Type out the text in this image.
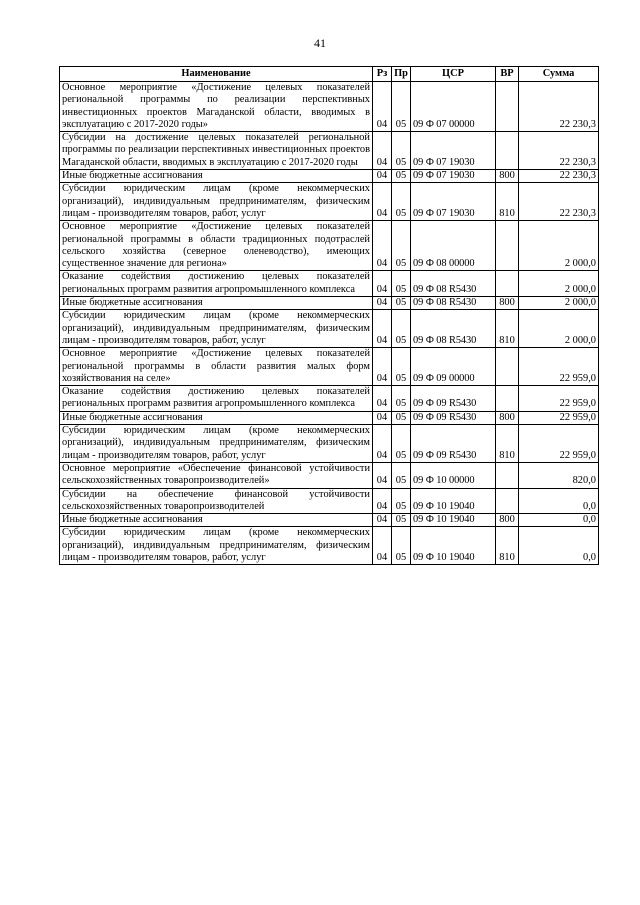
41
Наименование	Рз	Пр	ЦСР	ВР	Сумма
Основное мероприятие «Достижение целевых показателей региональной программы по реализации перспективных инвестиционных проектов Магаданской области, вводимых в эксплуатацию с 2017-2020 годы»	04	05	09 Ф 07 00000		22 230,3
Субсидии на достижение целевых показателей региональной программы по реализации перспективных инвестиционных проектов Магаданской области, вводимых в эксплуатацию с 2017-2020 годы	04	05	09 Ф 07 19030		22 230,3
Иные бюджетные ассигнования	04	05	09 Ф 07 19030	800	22 230,3
Субсидии юридическим лицам (кроме некоммерческих организаций), индивидуальным предпринимателям, физическим лицам - производителям товаров, работ, услуг	04	05	09 Ф 07 19030	810	22 230,3
Основное мероприятие «Достижение целевых показателей региональной программы в области традиционных подотраслей сельского хозяйства (северное оленеводство), имеющих существенное значение для региона»	04	05	09 Ф 08 00000		2 000,0
Оказание содействия достижению целевых показателей региональных программ развития агропромышленного комплекса	04	05	09 Ф 08 R5430		2 000,0
Иные бюджетные ассигнования	04	05	09 Ф 08 R5430	800	2 000,0
Субсидии юридическим лицам (кроме некоммерческих организаций), индивидуальным предпринимателям, физическим лицам - производителям товаров, работ, услуг	04	05	09 Ф 08 R5430	810	2 000,0
Основное мероприятие «Достижение целевых показателей региональной программы в области развития малых форм хозяйствования на селе»	04	05	09 Ф 09 00000		22 959,0
Оказание содействия достижению целевых показателей региональных программ развития агропромышленного комплекса	04	05	09 Ф 09 R5430		22 959,0
Иные бюджетные ассигнования	04	05	09 Ф 09 R5430	800	22 959,0
Субсидии юридическим лицам (кроме некоммерческих организаций), индивидуальным предпринимателям, физическим лицам - производителям товаров, работ, услуг	04	05	09 Ф 09 R5430	810	22 959,0
Основное мероприятие «Обеспечение финансовой устойчивости сельскохозяйственных товаропроизводителей»	04	05	09 Ф 10 00000		820,0
Субсидии на обеспечение финансовой устойчивости сельскохозяйственных товаропроизводителей	04	05	09 Ф 10 19040		0,0
Иные бюджетные ассигнования	04	05	09 Ф 10 19040	800	0,0
Субсидии юридическим лицам (кроме некоммерческих организаций), индивидуальным предпринимателям, физическим лицам - производителям товаров, работ, услуг	04	05	09 Ф 10 19040	810	0,0
